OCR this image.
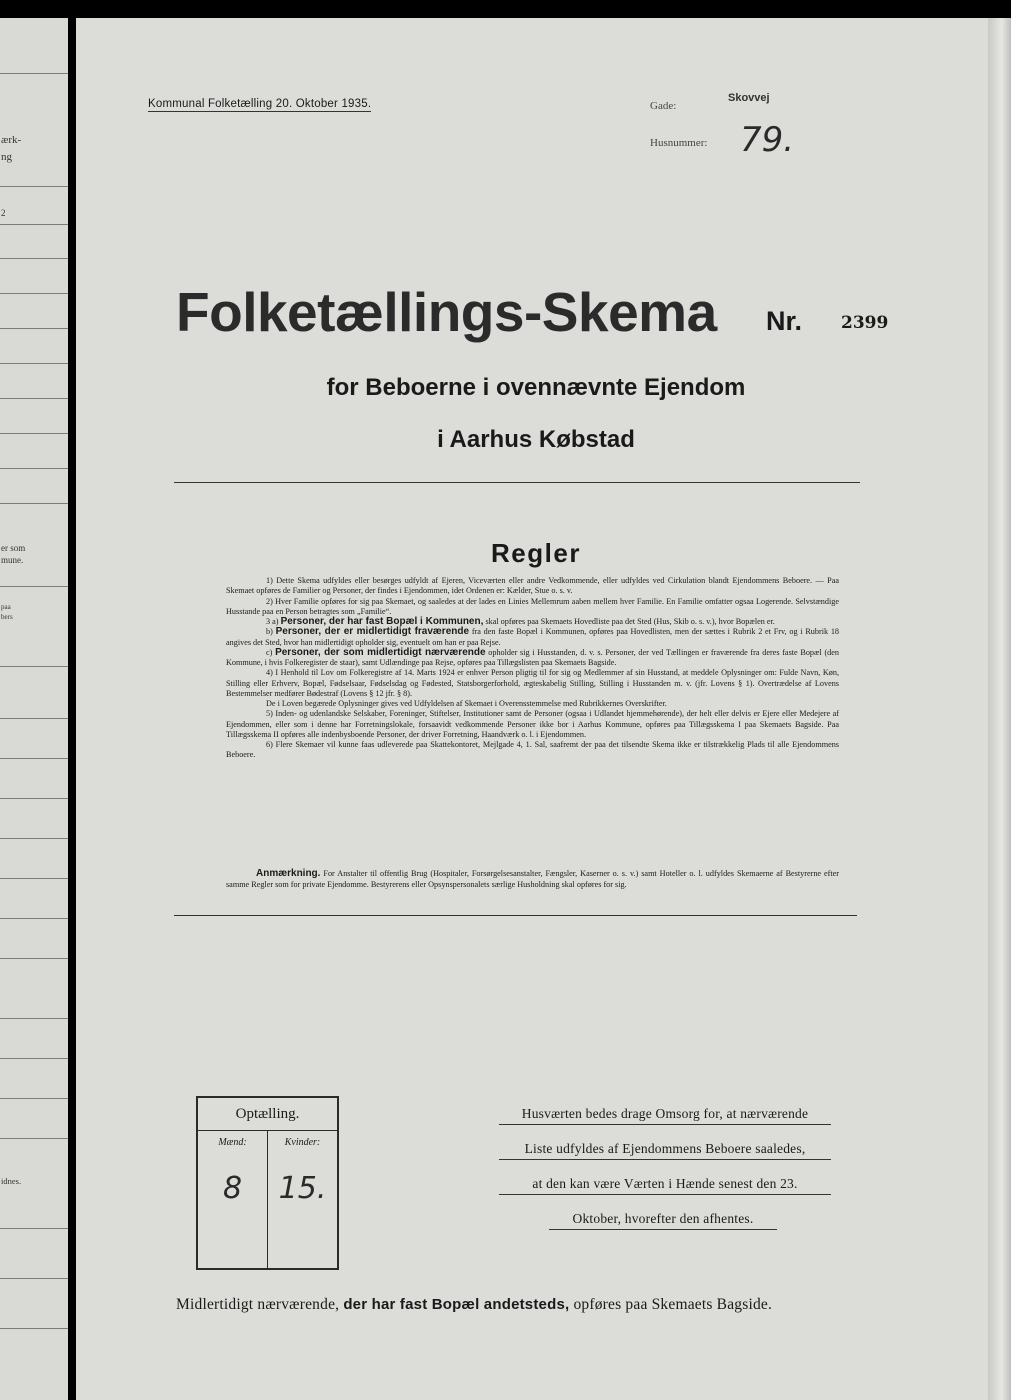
ærk-
ng
2
er som
mune.
paa
bers
idnes.
Kommunal Folketælling 20. Oktober 1935.	Gade:
Skovvej
Husnummer: 79.
Folketællings-Skema Nr. 2399
for Beboerne i ovennævnte Ejendom
i Aarhus Købstad
Regler

1) Dette Skema udfyldes eller besørges udfyldt af Ejeren, Viceværten eller andre Vedkommende, eller udfyldes ved Cirkulation blandt Ejendommens Beboere. — Paa Skemaet opføres de Familier og Personer, der findes i Ejendommen, idet Ordenen er: Kælder, Stue o. s. v.

2) Hver Familie opføres for sig paa Skemaet, og saaledes at der lades en Linies Mellemrum aaben mellem hver Familie. En Familie omfatter ogsaa Logerende. Selvstændige Husstande paa en Person betragtes som „Familie“.

3 a) Personer, der har fast Bopæl i Kommunen, skal opføres paa Skemaets Hovedliste paa det Sted (Hus, Skib o. s. v.), hvor Bopælen er.

b) Personer, der er midlertidigt fraværende fra den faste Bopæl i Kommunen, opføres paa Hovedlisten, men der sættes i Rubrik 2 et Frv, og i Rubrik 18 angives det Sted, hvor han midlertidigt opholder sig, eventuelt om han er paa Rejse.

c) Personer, der som midlertidigt nærværende opholder sig i Husstanden, d. v. s. Personer, der ved Tællingen er fraværende fra deres faste Bopæl (den Kommune, i hvis Folkeregister de staar), samt Udlændinge paa Rejse, opføres paa Tillægslisten paa Skemaets Bagside.

4) I Henhold til Lov om Folkeregistre af 14. Marts 1924 er enhver Person pligtig til for sig og Medlemmer af sin Husstand, at meddele Oplysninger om: Fulde Navn, Køn, Stilling eller Erhverv, Bopæl, Fødselsaar, Fødselsdag og Fødested, Statsborgerforhold, ægteskabelig Stilling, Stilling i Husstanden m. v. (jfr. Lovens § 1). Overtrædelse af Lovens Bestemmelser medfører Bødestraf (Lovens § 12 jfr. § 8).

De i Loven begærede Oplysninger gives ved Udfyldelsen af Skemaet i Overensstemmelse med Rubrikkernes Overskrifter.

5) Inden- og udenlandske Selskaber, Foreninger, Stiftelser, Institutioner samt de Personer (ogsaa i Udlandet hjemmehørende), der helt eller delvis er Ejere eller Medejere af Ejendommen, eller som i denne har Forretningslokale, forsaavidt vedkommende Personer ikke bor i Aarhus Kommune, opføres paa Tillægsskema I paa Skemaets Bagside. Paa Tillægsskema II opføres alle indenbysboende Personer, der driver Forretning, Haandværk o. l. i Ejendommen.

6) Flere Skemaer vil kunne faas udleverede paa Skattekontoret, Mejlgade 4, 1. Sal, saafremt der paa det tilsendte Skema ikke er tilstrækkelig Plads til alle Ejendommens Beboere.

Anmærkning. For Anstalter til offentlig Brug (Hospitaler, Forsørgelsesanstalter, Fængsler, Kaserner o. s. v.) samt Hoteller o. l. udfyldes Skemaerne af Bestyrerne efter samme Regler som for private Ejendomme. Bestyrerens eller Opsynspersonalets særlige Husholdning skal opføres for sig.
Optælling.
Mænd:
8
Kvinder:
15.
Husværten bedes drage Omsorg for, at nærværende
Liste udfyldes af Ejendommens Beboere saaledes,
at den kan være Værten i Hænde senest den 23.
Oktober, hvorefter den afhentes.
Midlertidigt nærværende, der har fast Bopæl andetsteds, opføres paa Skemaets Bagside.
